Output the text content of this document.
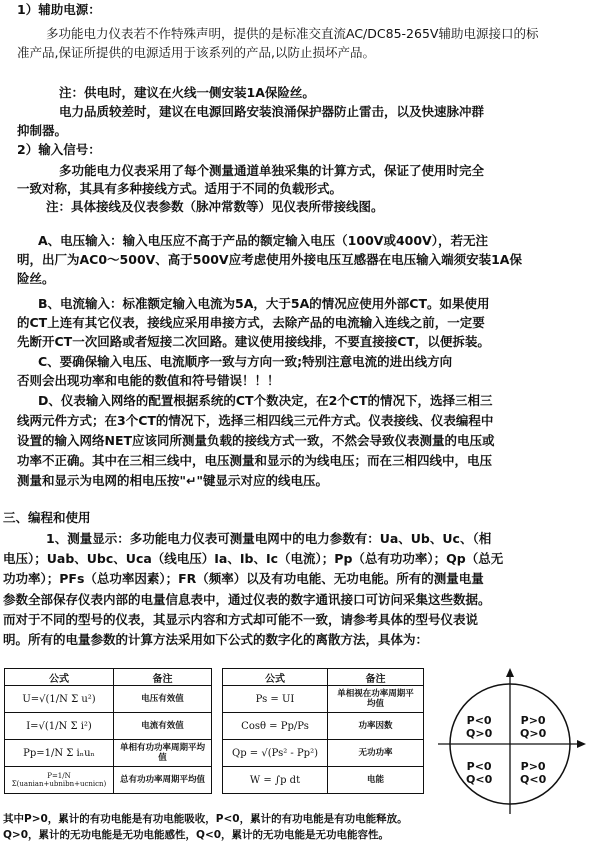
1）辅助电源：
多功能电力仪表若不作特殊声明，提供的是标准交直流AC/DC85-265V辅助电源接口的标
准产品,保证所提供的电源适用于该系列的产品,以防止损坏产品。
注：供电时，建议在火线一侧安装1A保险丝。
电力品质较差时，建议在电源回路安装浪涌保护器防止雷击，以及快速脉冲群
抑制器。
2）输入信号：
多功能电力仪表采用了每个测量通道单独采集的计算方式，保证了使用时完全
一致对称，其具有多种接线方式。适用于不同的负载形式。
注：具体接线及仪表参数（脉冲常数等）见仪表所带接线图。
A、电压输入：输入电压应不高于产品的额定输入电压（100V或400V），若无注
明，出厂为AC0～500V、高于500V应考虑使用外接电压互感器在电压输入端须安装1A保
险丝。
B、电流输入：标准额定输入电流为5A，大于5A的情况应使用外部CT。如果使用
的CT上连有其它仪表，接线应采用串接方式，去除产品的电流输入连线之前，一定要
先断开CT一次回路或者短接二次回路。建议使用接线排，不要直接接CT，以便拆装。
C、要确保输入电压、电流顺序一致与方向一致;特别注意电流的进出线方向
否则会出现功率和电能的数值和符号错误！！！
D、仪表输入网络的配置根据系统的CT个数决定，在2个CT的情况下，选择三相三
线两元件方式；在3个CT的情况下，选择三相四线三元件方式。仪表接线、仪表编程中
设置的输入网络NET应该同所测量负载的接线方式一致，不然会导致仪表测量的电压或
功率不正确。其中在三相三线中，电压测量和显示的为线电压；而在三相四线中，电压
测量和显示为电网的相电压按"↵"键显示对应的线电压。
三、编程和使用
1、测量显示：多功能电力仪表可测量电网中的电力参数有：Ua、Ub、Uc、（相
电压）；Uab、Ubc、Uca（线电压）Ia、Ib、Ic（电流）；Pp（总有功功率）；Qp（总无
功功率）；PFs（总功率因素）；FR（频率）以及有功电能、无功电能。所有的测量电量
参数全部保存仪表内部的电量信息表中，通过仪表的数字通讯接口可访问采集这些数据。
而对于不同的型号的仪表，其显示内容和方式却可能不一致，请参考具体的型号仪表说
明。所有的电量参数的计算方法采用如下公式的数字化的离散方法，具体为：
公式	备注
U=√(1/N Σ u²)	电压有效值
I=√(1/N Σ i²)	电流有效值
Pp=1/N Σ iₙuₙ	单相有功功率周期平均值
P=1/N Σ(uanian+ubnibn+ucnicn)	总有功功率周期平均值
公式	备注
Ps = UI	单相视在功率周期平均值
Cosθ = Pp/Ps	功率因数
Qp = √(Ps² - Pp²)	无功功率
W = ∫p dt	电能
P<0
Q>0
P>0
Q>0
P<0
Q<0
P>0
Q<0
其中P>0，累计的有功电能是有功电能吸收，P<0，累计的有功电能是有功电能释放。
Q>0，累计的无功电能是无功电能感性，Q<0，累计的无功电能是无功电能容性。
